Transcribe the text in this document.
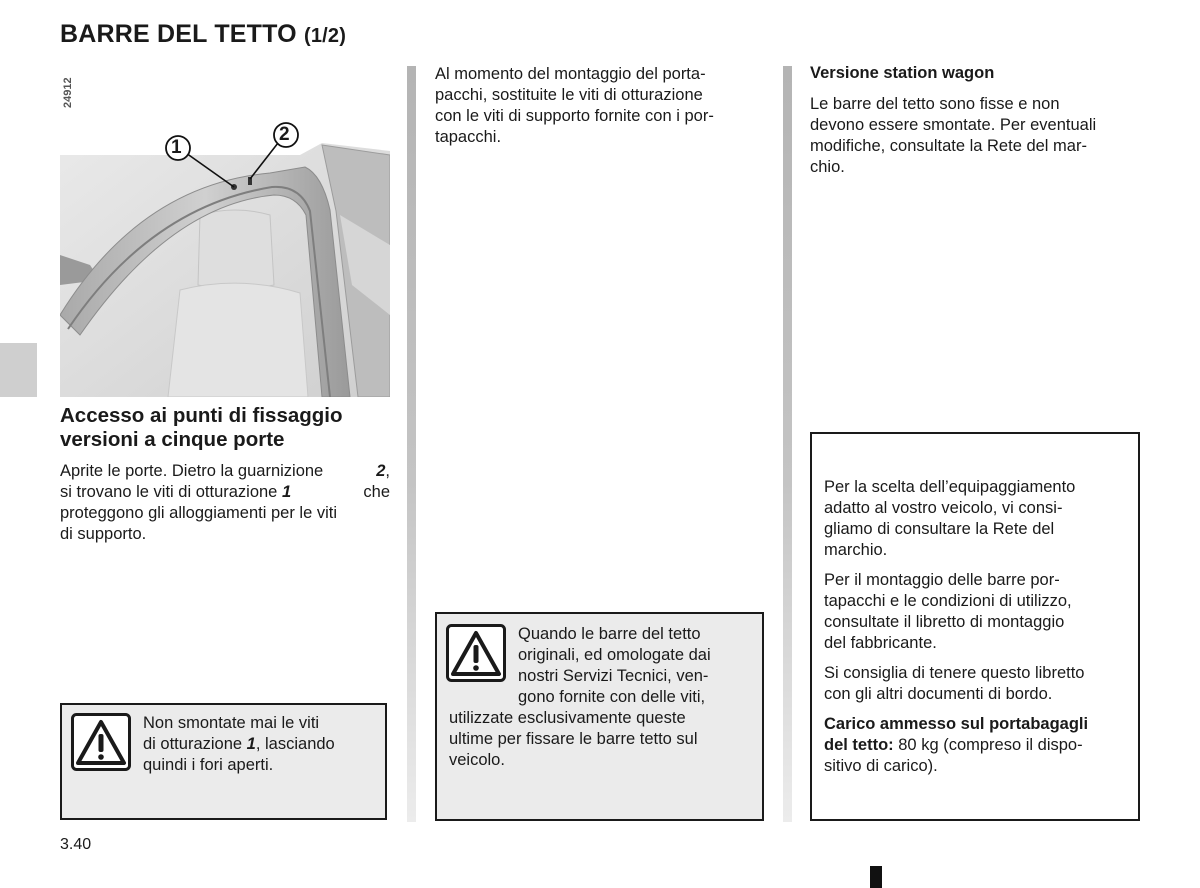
BARRE DEL TETTO (1/2)
24912
1
2
Accesso ai punti di fissaggio
versioni a cinque porte
Aprite le porte. Dietro la guarnizione	2,
si trovano le viti di otturazione 1	che
proteggono gli alloggiamenti per le viti
di supporto.
Non smontate mai le viti
di otturazione 1 , lasciando
quindi i fori aperti.
Al momento del montaggio del porta-
pacchi, sostituite le viti di otturazione
con le viti di supporto fornite con i por-
tapacchi.
Quando le barre del tetto
originali, ed omologate dai
nostri Servizi Tecnici, ven-
gono fornite con delle viti,
utilizzate esclusivamente queste
ultime per fissare le barre tetto sul
veicolo.
Versione station wagon
Le barre del tetto sono fisse e non
devono essere smontate. Per eventuali
modifiche, consultate la Rete del mar-
chio.
Per la scelta dell’equipaggiamento
adatto al vostro veicolo, vi consi-
gliamo di consultare la Rete del
marchio.
Per il montaggio delle barre por-
tapacchi e le condizioni di utilizzo,
consultate il libretto di montaggio
del fabbricante.
Si consiglia di tenere questo libretto
con gli altri documenti di bordo.
Carico ammesso sul portabagagli
del tetto: 80 kg (compreso il dispo-
sitivo di carico).
3.40
